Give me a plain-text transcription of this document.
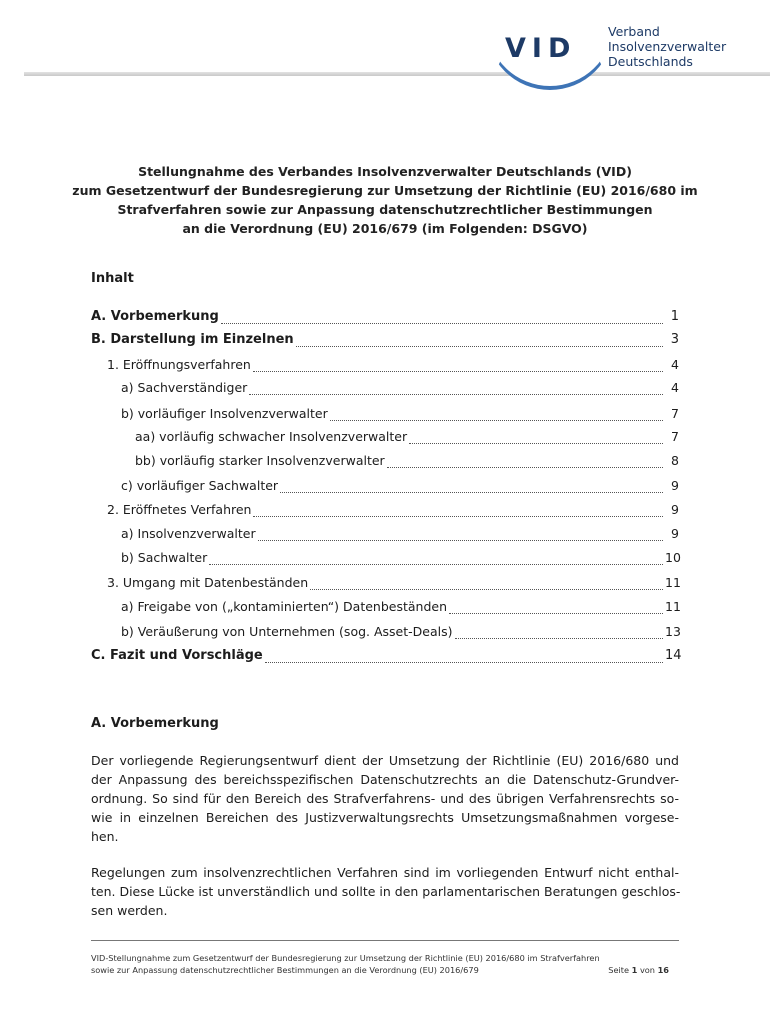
VID
Verband
Insolvenzverwalter
Deutschlands
Stellungnahme des Verbandes Insolvenzverwalter Deutschlands (VID)
zum Gesetzentwurf der Bundesregierung zur Umsetzung der Richtlinie (EU) 2016/680 im
Strafverfahren sowie zur Anpassung datenschutzrechtlicher Bestimmungen
an die Verordnung (EU) 2016/679 (im Folgenden: DSGVO)
Inhalt
A. Vorbemerkung	1
B. Darstellung im Einzelnen	3
1. Eröffnungsverfahren	4
a) Sachverständiger	4
b) vorläufiger Insolvenzverwalter	7
aa) vorläufig schwacher Insolvenzverwalter	7
bb) vorläufig starker Insolvenzverwalter	8
c) vorläufiger Sachwalter	9
2. Eröffnetes Verfahren	9
a) Insolvenzverwalter	9
b) Sachwalter	10
3. Umgang mit Datenbeständen	11
a) Freigabe von („kontaminierten“) Datenbeständen	11
b) Veräußerung von Unternehmen (sog. Asset-Deals)	13
C. Fazit und Vorschläge	14
A. Vorbemerkung
Der vorliegende Regierungsentwurf dient der Umsetzung der Richtlinie (EU) 2016/680 und
der Anpassung des bereichsspezifischen Datenschutzrechts an die Datenschutz-Grundver-
ordnung. So sind für den Bereich des Strafverfahrens- und des übrigen Verfahrensrechts so-
wie in einzelnen Bereichen des Justizverwaltungsrechts Umsetzungsmaßnahmen vorgese-
hen.
Regelungen zum insolvenzrechtlichen Verfahren sind im vorliegenden Entwurf nicht enthal-
ten. Diese Lücke ist unverständlich und sollte in den parlamentarischen Beratungen geschlos-
sen werden.
VID-Stellungnahme zum Gesetzentwurf der Bundesregierung zur Umsetzung der Richtlinie (EU) 2016/680 im Strafverfahren
sowie zur Anpassung datenschutzrechtlicher Bestimmungen an die Verordnung (EU) 2016/679	Seite 1 von 16
